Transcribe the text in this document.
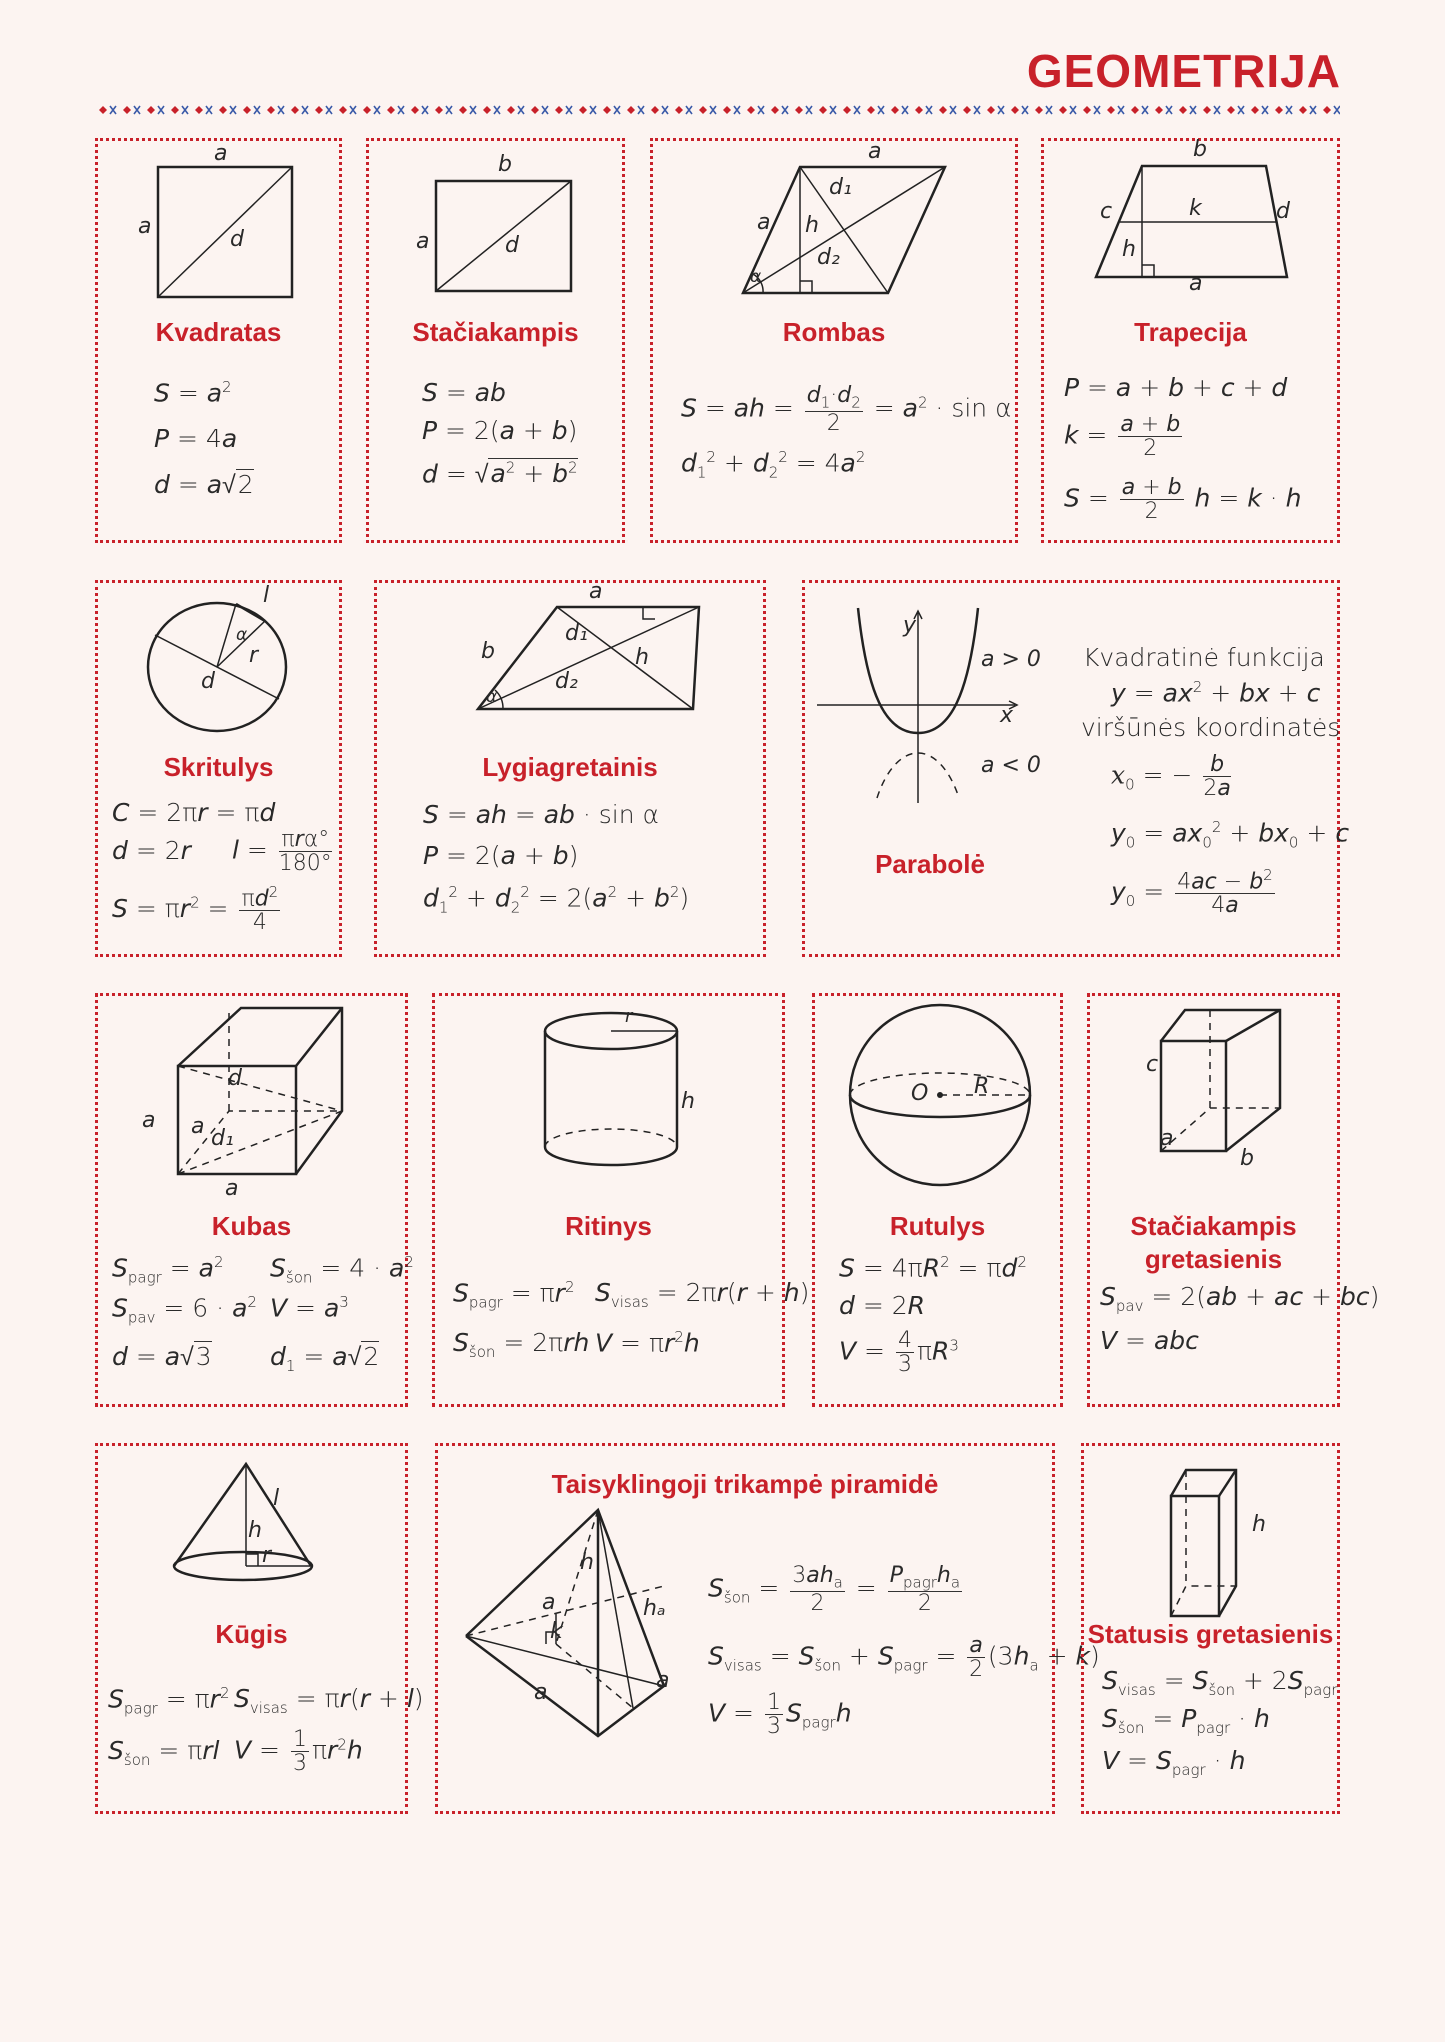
GEOMETRIJA
a
a
d
Kvadratas
$S = a^2$
P = 4a
d = a√2
b
a	d
Stačiakampis
S = ab
P = 2(a + b)
$d = √a^2 + b^2$
a
a h
d₁
d₂
α
Rombas
S = ah = $\frac{d_1\cdot d_2}{2} = a^2 \cdot \sin \alpha$
$d_1^2 + d_2^2 = 4a^2$
b
c	d
k
h
a
Trapecija
P = a + b + c + d
$k = \frac{a + b}{2}$
$S = \frac{a + b}{2}$ h = k · h
l
α
r
d
Skritulys
C = 2πr = πd
d = 2r $l = \frac{\text{πrα°}}{180^\circ}$
$S = \pi r^2 = \frac{\pi d^2}{4}$
a
b
d₁
d₂
h
α
Lygiagretainis
S = ah = ab · sin α
P = 2(a + b)
$d_1^2 + d_2^2 = 2(a^2 + b^2)$
y
x
a > 0
a < 0
Parabolė
Kvadratinė funkcija
$y = ax^2$ + bx + c
viršūnės koordinatės
$x_0$ = − $\frac{b}{2a}$
$y_0 = ax_0^2 + bx_0 + c$
$y_0 = \frac{4ac - b^2}{4a}$
d
a a d₁
a
Kubas
$S_{pagr} = a^2$ $S_{šon} = 4 \cdot a^2$
$S_{pav} = 6 \cdot a^2$ $V = a^3$
d = a√3 $d_1 = a√2$
r
h
Ritinys
$S_{pagr} = \pi r^2$ $S_{visas} = 2\pi r(r + h)$
$S_{šon} = 2\pi rh$ $V = \pi r^2h$
O R
Rutulys
$S = 4\pi R^2 = \pi d^2$
d = 2R
$V = \frac{4}{3} \pi R^3$
c
a
b
Stačiakampis gretasienis
$S_{pav} = 2(ab$ + ac + bc)
V = abc
l
h
r
Kūgis
$S_{pagr} = \pi r^2$ $S_{visas} = \pi r(r + l)$
$S_{šon} = \pi rl$ $V = \frac{1}{3} \pi r^2h$
Taisyklingoji trikampė piramidė
h
a
k
hₐ
a	a
$S_{šon} = \frac{3ah_a}{2} = \frac{P_{pagr}h_a}{2}$
$S_{visas} = S_{šon} + S_{pagr} = \frac{a}{2} (3h_a + k)$
$V = \frac{1}{3} S_{pagr}h$
h
Statusis gretasienis
$S_{visas} = S_{šon} + 2S_{pagr}$
$S_{šon} = P_{pagr} \cdot h$
$V = S_{pagr} \cdot h$
